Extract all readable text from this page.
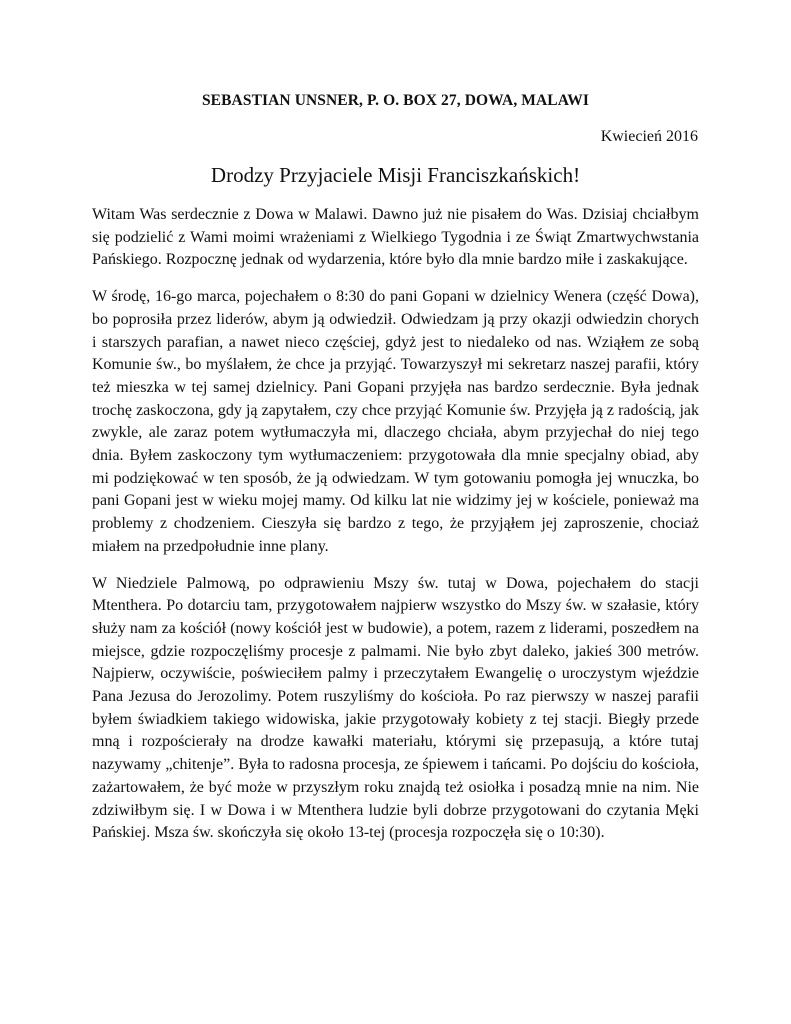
SEBASTIAN UNSNER, P. O. BOX 27, DOWA, MALAWI
Kwiecień 2016
Drodzy Przyjaciele Misji Franciszkańskich!

Witam Was serdecznie z Dowa w Malawi. Dawno już nie pisałem do Was. Dzisiaj chciałbym się podzielić z Wami moimi wrażeniami z Wielkiego Tygodnia i ze Świąt Zmartwychwstania Pańskiego. Rozpocznę jednak od wydarzenia, które było dla mnie bardzo miłe i zaskakujące.

W środę, 16-go marca, pojechałem o 8:30 do pani Gopani w dzielnicy Wenera (część Dowa), bo poprosiła przez liderów, abym ją odwiedził. Odwiedzam ją przy okazji odwiedzin chorych i starszych parafian, a nawet nieco częściej, gdyż jest to niedaleko od nas. Wziąłem ze sobą Komunie św., bo myślałem, że chce ja przyjąć. Towarzyszył mi sekretarz naszej parafii, który też mieszka w tej samej dzielnicy. Pani Gopani przyjęła nas bardzo serdecznie. Była jednak trochę zaskoczona, gdy ją zapytałem, czy chce przyjąć Komunie św. Przyjęła ją z radością, jak zwykle, ale zaraz potem wytłumaczyła mi, dlaczego chciała, abym przyjechał do niej tego dnia. Byłem zaskoczony tym wytłumaczeniem: przygotowała dla mnie specjalny obiad, aby mi podziękować w ten sposób, że ją odwiedzam. W tym gotowaniu pomogła jej wnuczka, bo pani Gopani jest w wieku mojej mamy. Od kilku lat nie widzimy jej w kościele, ponieważ ma problemy z chodzeniem. Cieszyła się bardzo z tego, że przyjąłem jej zaproszenie, chociaż miałem na przedpołudnie inne plany.

W Niedziele Palmową, po odprawieniu Mszy św. tutaj w Dowa, pojechałem do stacji Mtenthera. Po dotarciu tam, przygotowałem najpierw wszystko do Mszy św. w szałasie, który służy nam za kościół (nowy kościół jest w budowie), a potem, razem z liderami, poszedłem na miejsce, gdzie rozpoczęliśmy procesje z palmami. Nie było zbyt daleko, jakieś 300 metrów. Najpierw, oczywiście, poświeciłem palmy i przeczytałem Ewangelię o uroczystym wjeździe Pana Jezusa do Jerozolimy. Potem ruszyliśmy do kościoła. Po raz pierwszy w naszej parafii byłem świadkiem takiego widowiska, jakie przygotowały kobiety z tej stacji. Biegły przede mną i rozpościerały na drodze kawałki materiału, którymi się przepasują, a które tutaj nazywamy „chitenje”. Była to radosna procesja, ze śpiewem i tańcami. Po dojściu do kościoła, zażartowałem, że być może w przyszłym roku znajdą też osiołka i posadzą mnie na nim. Nie zdziwiłbym się. I w Dowa i w Mtenthera ludzie byli dobrze przygotowani do czytania Męki Pańskiej. Msza św. skończyła się około 13-tej (procesja rozpoczęła się o 10:30).
